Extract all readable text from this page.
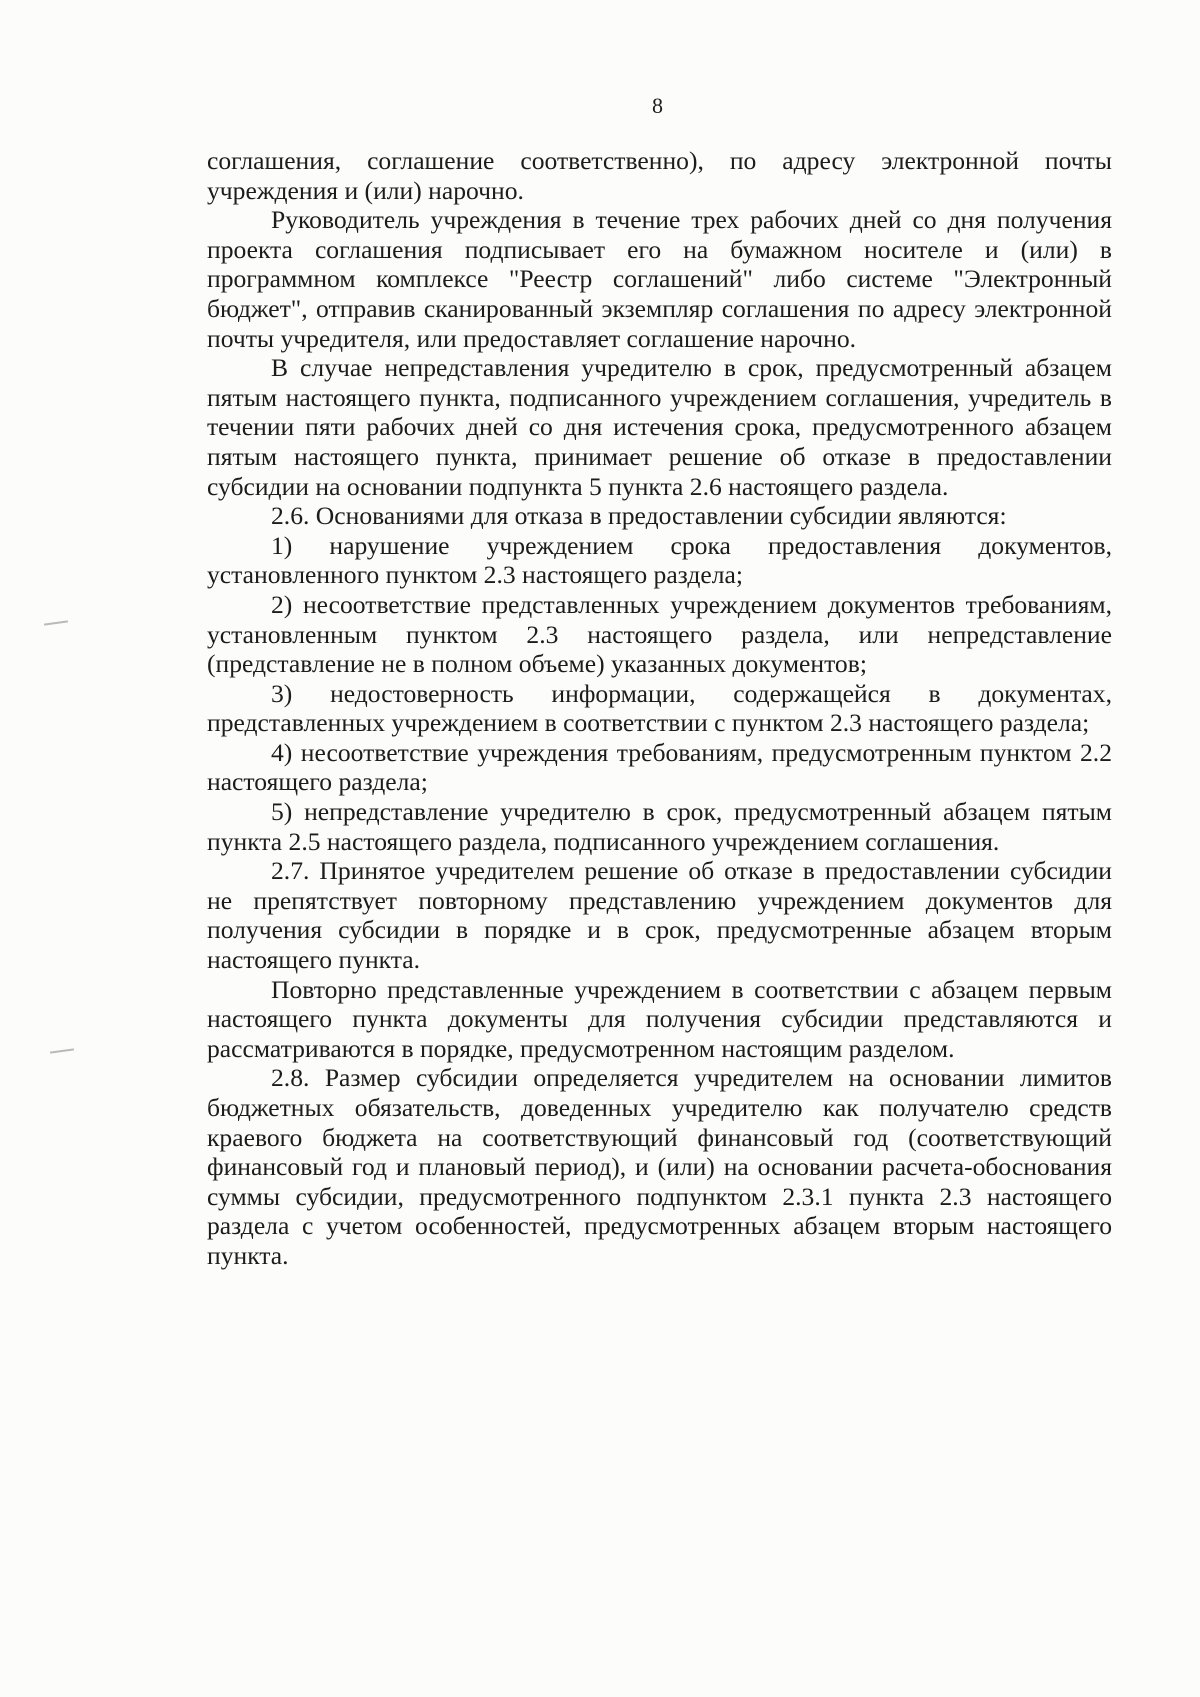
8

соглашения, соглашение соответственно), по адресу электронной почты учреждения и (или) нарочно.

Руководитель учреждения в течение трех рабочих дней со дня получения проекта соглашения подписывает его на бумажном носителе и (или) в программном комплексе "Реестр соглашений" либо системе "Электронный бюджет", отправив сканированный экземпляр соглашения по адресу электронной почты учредителя, или предоставляет соглашение нарочно.

В случае непредставления учредителю в срок, предусмотренный абзацем пятым настоящего пункта, подписанного учреждением соглашения, учредитель в течении пяти рабочих дней со дня истечения срока, предусмотренного абзацем пятым настоящего пункта, принимает решение об отказе в предоставлении субсидии на основании подпункта 5 пункта 2.6 настоящего раздела.

2.6. Основаниями для отказа в предоставлении субсидии являются:

1) нарушение учреждением срока предоставления документов, установленного пунктом 2.3 настоящего раздела;

2) несоответствие представленных учреждением документов требованиям, установленным пунктом 2.3 настоящего раздела, или непредставление (представление не в полном объеме) указанных документов;

3) недостоверность информации, содержащейся в документах, представленных учреждением в соответствии с пунктом 2.3 настоящего раздела;

4) несоответствие учреждения требованиям, предусмотренным пунктом 2.2 настоящего раздела;

5) непредставление учредителю в срок, предусмотренный абзацем пятым пункта 2.5 настоящего раздела, подписанного учреждением соглашения.

2.7. Принятое учредителем решение об отказе в предоставлении субсидии не препятствует повторному представлению учреждением документов для получения субсидии в порядке и в срок, предусмотренные абзацем вторым настоящего пункта.

Повторно представленные учреждением в соответствии с абзацем первым настоящего пункта документы для получения субсидии представляются и рассматриваются в порядке, предусмотренном настоящим разделом.

2.8. Размер субсидии определяется учредителем на основании лимитов бюджетных обязательств, доведенных учредителю как получателю средств краевого бюджета на соответствующий финансовый год (соответствующий финансовый год и плановый период), и (или) на основании расчета-обоснования суммы субсидии, предусмотренного подпунктом 2.3.1 пункта 2.3 настоящего раздела с учетом особенностей, предусмотренных абзацем вторым настоящего пункта.
